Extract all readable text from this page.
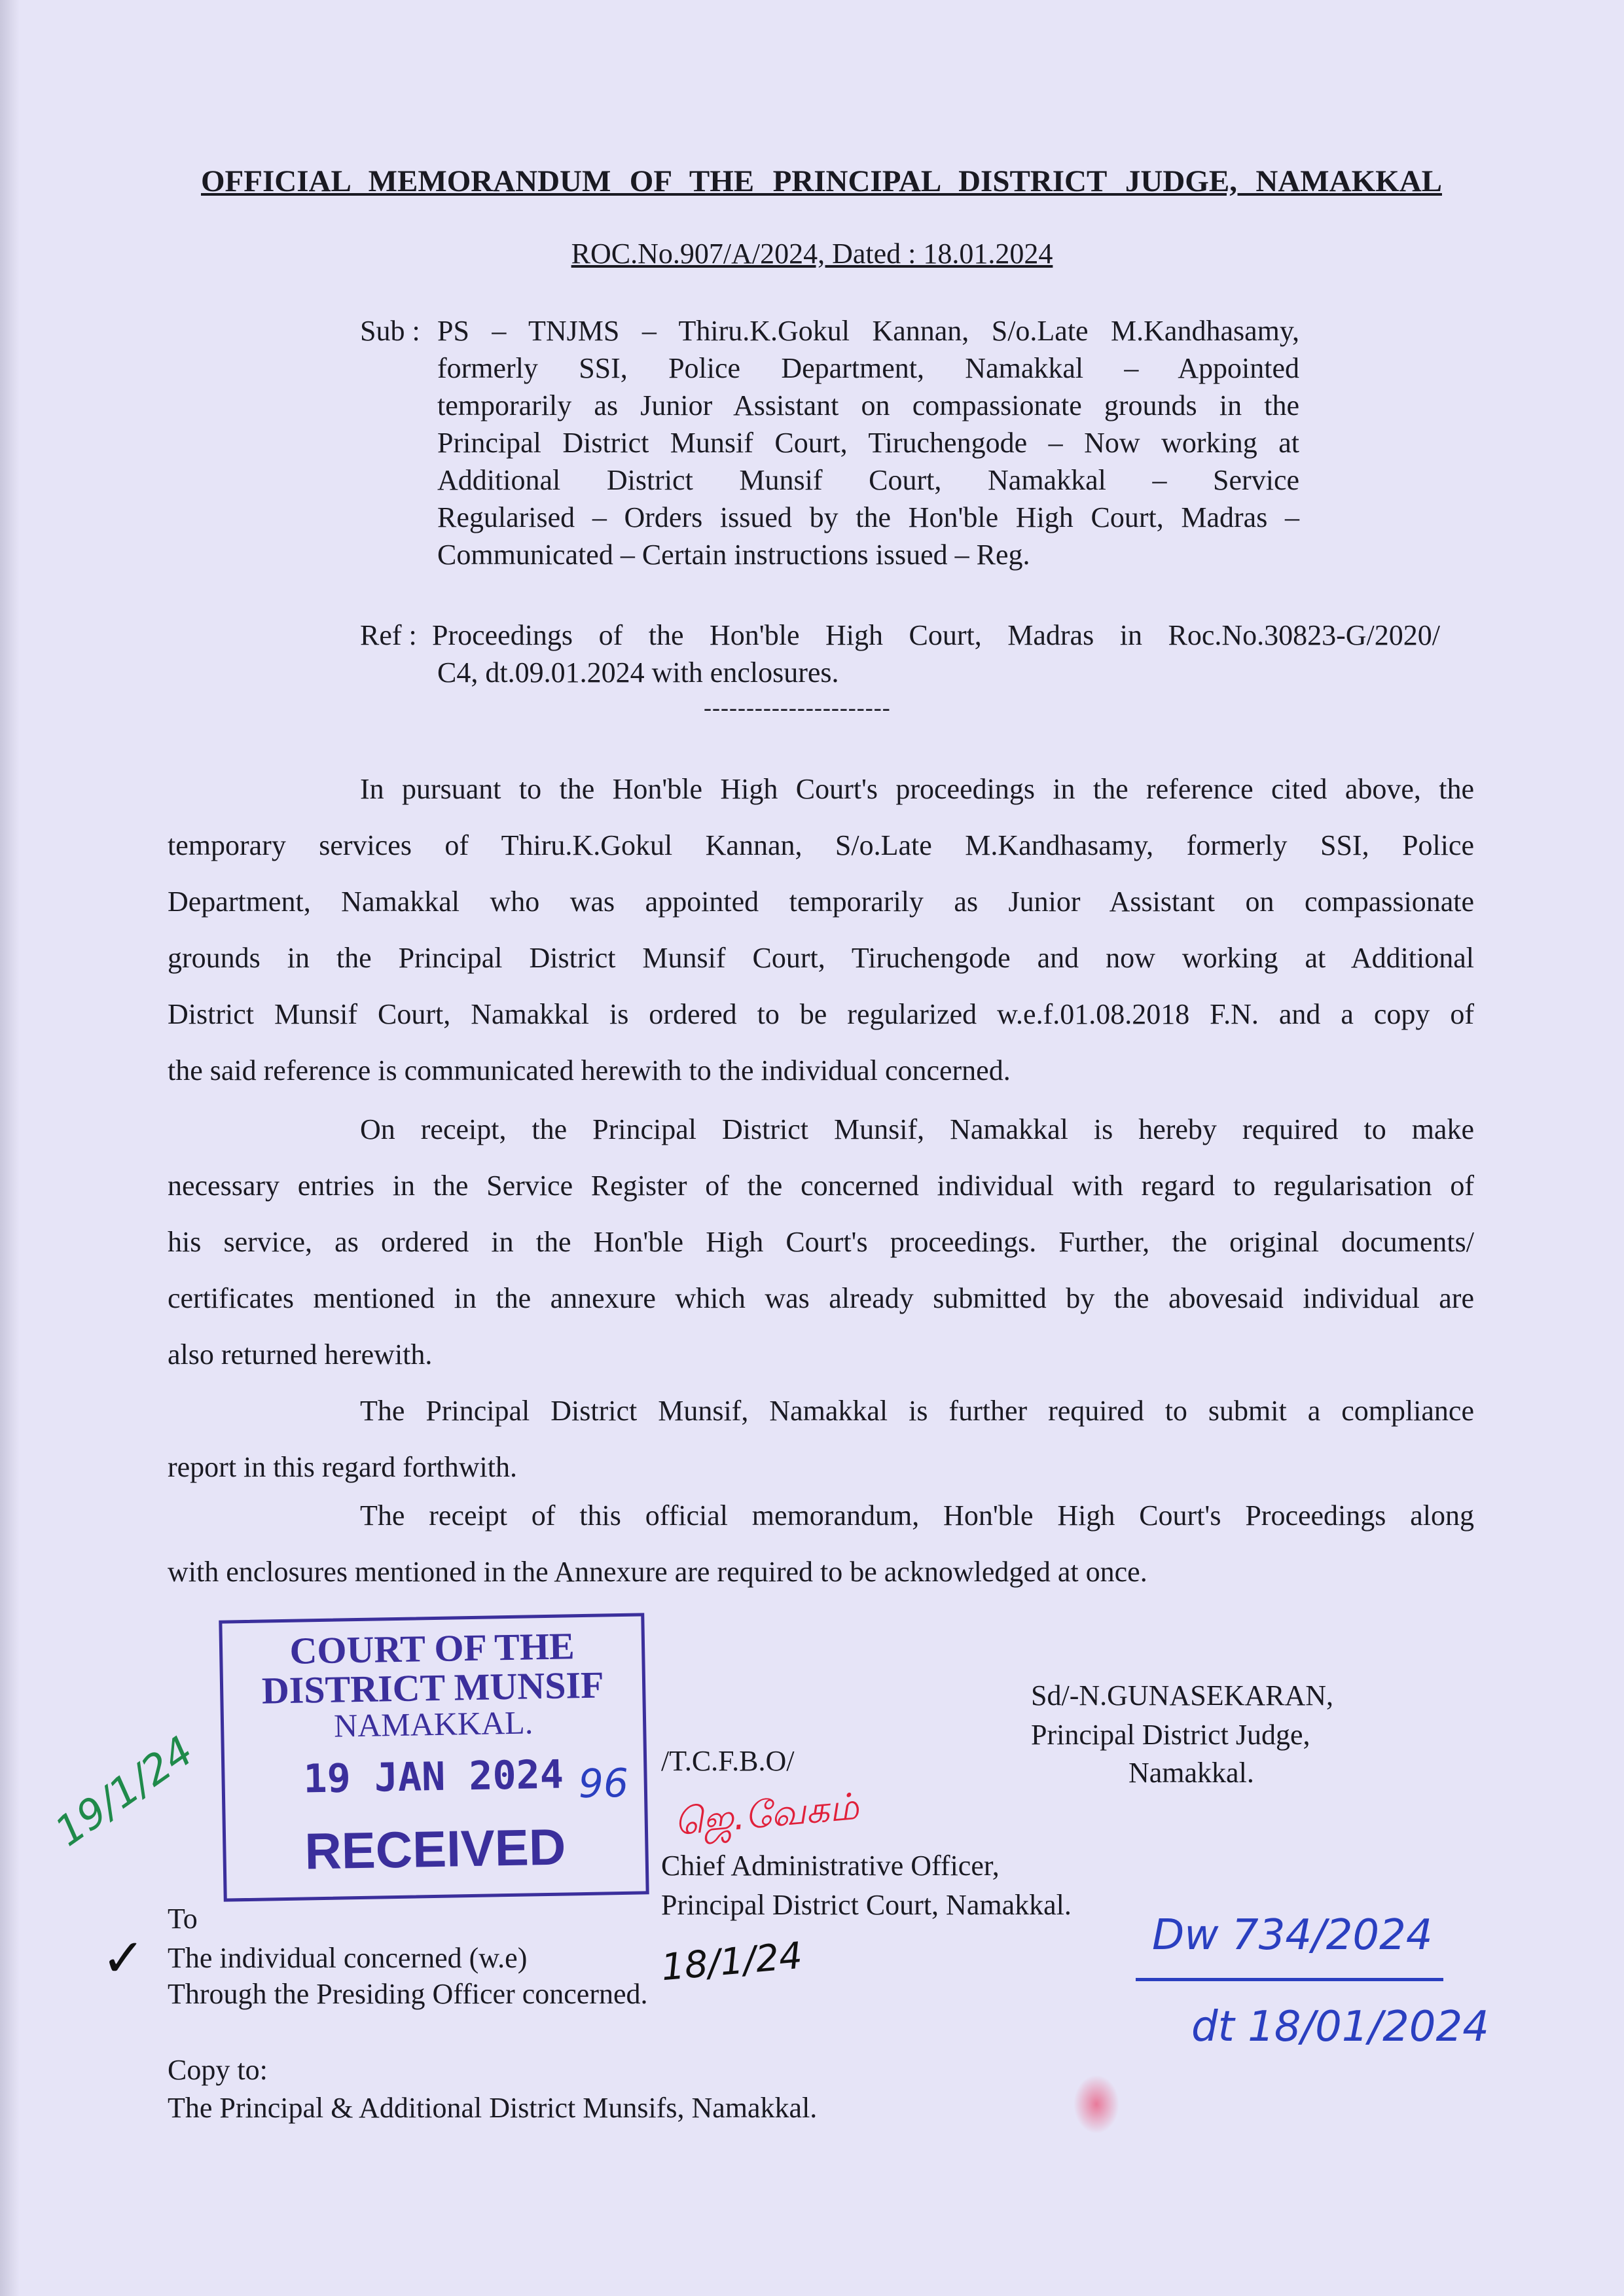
OFFICIAL MEMORANDUM OF THE PRINCIPAL DISTRICT JUDGE, NAMAKKAL
ROC.No.907/A/2024, Dated : 18.01.2024
Sub : PS – TNJMS – Thiru.K.Gokul Kannan, S/o.Late M.Kandhasamy,
formerly SSI, Police Department, Namakkal – Appointed
temporarily as Junior Assistant on compassionate grounds in the
Principal District Munsif Court, Tiruchengode – Now working at
Additional District Munsif Court, Namakkal – Service
Regularised – Orders issued by the Hon'ble High Court, Madras –
Communicated – Certain instructions issued – Reg.
Ref : Proceedings of the Hon'ble High Court, Madras in Roc.No.30823-G/2020/
C4, dt.09.01.2024 with enclosures.
----------------------
In pursuant to the Hon'ble High Court's proceedings in the reference cited above, the
temporary services of Thiru.K.Gokul Kannan, S/o.Late M.Kandhasamy, formerly SSI, Police
Department, Namakkal who was appointed temporarily as Junior Assistant on compassionate
grounds in the Principal District Munsif Court, Tiruchengode and now working at Additional
District Munsif Court, Namakkal is ordered to be regularized w.e.f.01.08.2018 F.N. and a copy of
the said reference is communicated herewith to the individual concerned.
On receipt, the Principal District Munsif, Namakkal is hereby required to make
necessary entries in the Service Register of the concerned individual with regard to regularisation of
his service, as ordered in the Hon'ble High Court's proceedings. Further, the original documents/
certificates mentioned in the annexure which was already submitted by the abovesaid individual are
also returned herewith.
The Principal District Munsif, Namakkal is further required to submit a compliance
report in this regard forthwith.
The receipt of this official memorandum, Hon'ble High Court's Proceedings along
with enclosures mentioned in the Annexure are required to be acknowledged at once.
COURT OF THE
DISTRICT MUNSIF
NAMAKKAL.
19 JAN 2024
RECEIVED
96
19/1/24
Sd/-N.GUNASEKARAN,
Principal District Judge,
Namakkal.
/T.C.F.B.O/
ஜெ.வேகம்
Chief Administrative Officer,
Principal District Court, Namakkal.
18/1/24
To
The individual concerned (w.e)
Through the Presiding Officer concerned.
✓
Copy to:
The Principal & Additional District Munsifs, Namakkal.
Dw 734/2024
dt 18/01/2024
